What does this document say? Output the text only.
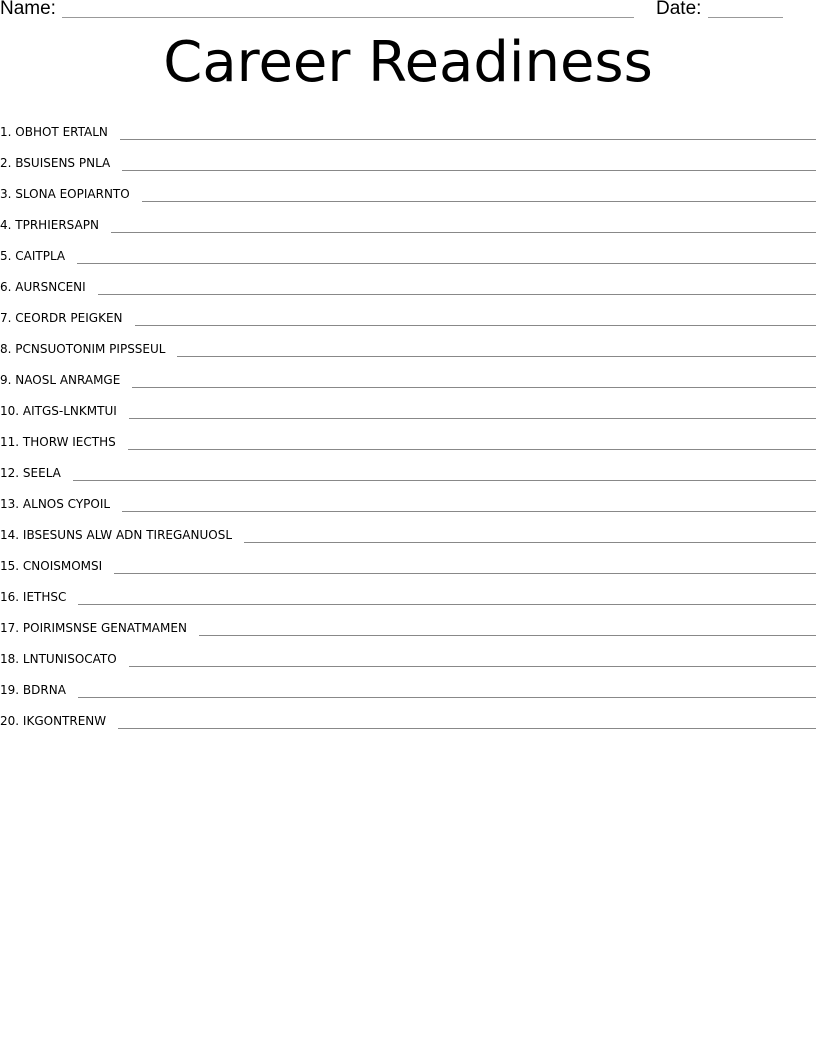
Name:	Date:
Career Readiness
1. OBHOT ERTALN
2. BSUISENS PNLA
3. SLONA EOPIARNTO
4. TPRHIERSAPN
5. CAITPLA
6. AURSNCENI
7. CEORDR PEIGKEN
8. PCNSUOTONIM PIPSSEUL
9. NAOSL ANRAMGE
10. AITGS-LNKMTUI
11. THORW IECTHS
12. SEELA
13. ALNOS CYPOIL
14. IBSESUNS ALW ADN TIREGANUOSL
15. CNOISMOMSI
16. IETHSC
17. POIRIMSNSE GENATMAMEN
18. LNTUNISOCATO
19. BDRNA
20. IKGONTRENW
